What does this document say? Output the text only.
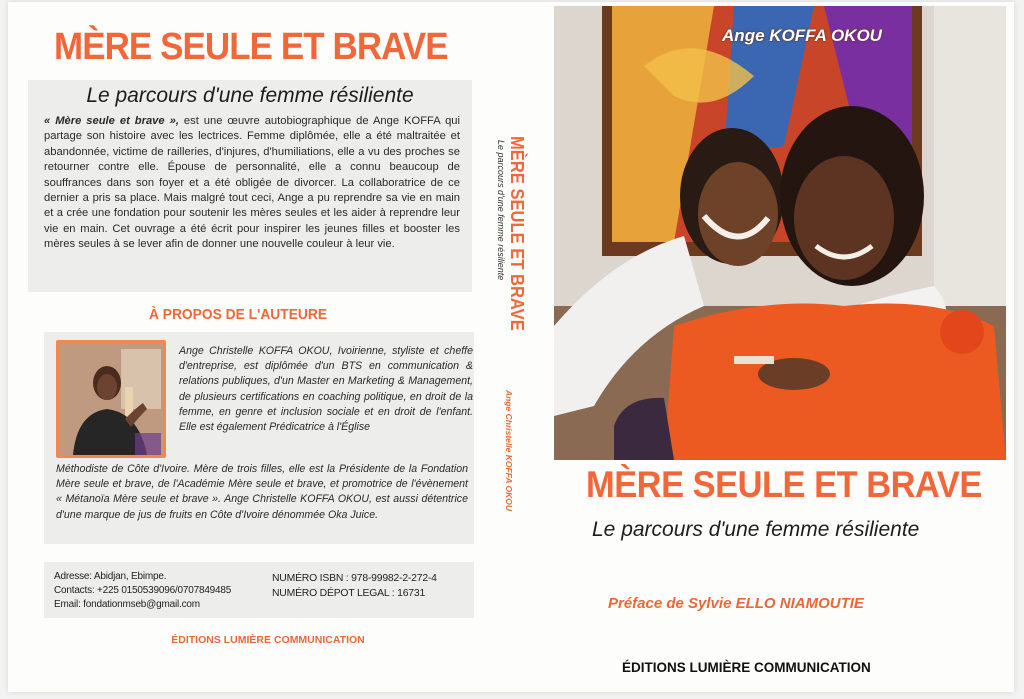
MÈRE SEULE ET BRAVE
Le parcours d'une femme résiliente

« Mère seule et brave », est une œuvre autobiographique de Ange KOFFA qui partage son histoire avec les lectrices. Femme diplômée, elle a été maltraitée et abandonnée, victime de railleries, d'injures, d'humiliations, elle a vu des proches se retourner contre elle. Épouse de personnalité, elle a connu beaucoup de souffrances dans son foyer et a été obligée de divorcer. La collaboratrice de ce dernier a pris sa place. Mais malgré tout ceci, Ange a pu reprendre sa vie en main et a crée une fondation pour soutenir les mères seules et les aider à reprendre leur vie en main. Cet ouvrage a été écrit pour inspirer les jeunes filles et booster les mères seules à se lever afin de donner une nouvelle couleur à leur vie.

À PROPOS DE L'AUTEURE

Ange Christelle KOFFA OKOU, Ivoirienne, styliste et cheffe d'entreprise, est diplômée d'un BTS en communication & relations publiques, d'un Master en Marketing & Management, de plusieurs certifications en coaching politique, en droit de la femme, en genre et inclusion sociale et en droit de l'enfant. Elle est également Prédicatrice à l'Église

Méthodiste de Côte d'Ivoire. Mère de trois filles, elle est la Présidente de la Fondation Mère seule et brave, de l'Académie Mère seule et brave, et promotrice de l'évènement « Métanoïa Mère seule et brave ». Ange Christelle KOFFA OKOU, est aussi détentrice d'une marque de jus de fruits en Côte d'Ivoire dénommée Oka Juice.

Adresse: Abidjan, Ebimpe.
Contacts: +225 0150539096/0707849485
Email: fondationmseb@gmail.com
NUMÉRO ISBN : 978-99982-2-272-4
NUMÉRO DÉPOT LEGAL : 16731
ÉDITIONS LUMIÈRE COMMUNICATION
MÈRE SEULE ET BRAVE
Le parcours d'une femme résiliente
Ange Christelle KOFFA OKOU
Ange KOFFA OKOU
MÈRE SEULE ET BRAVE
Le parcours d'une femme résiliente
Préface de Sylvie ELLO NIAMOUTIE
ÉDITIONS LUMIÈRE COMMUNICATION
